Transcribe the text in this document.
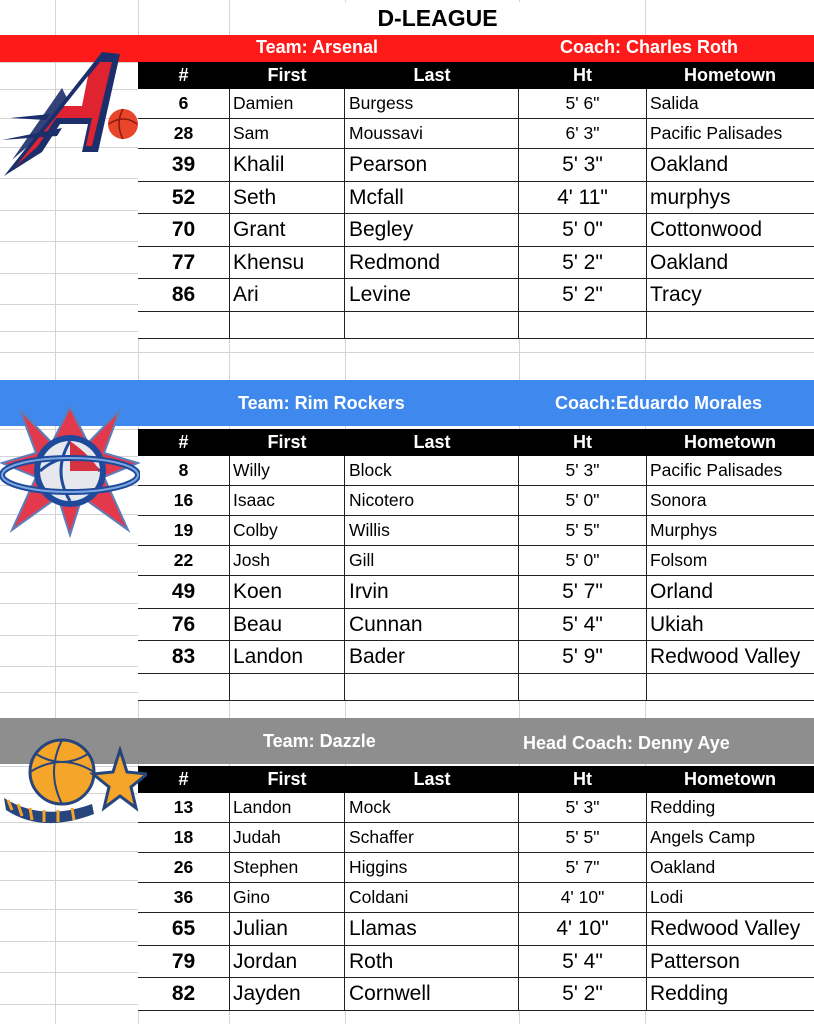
D-LEAGUE
Team: Arsenal	Coach: Charles Roth
#	First	Last	Ht	Hometown
6	Damien	Burgess	5' 6"	Salida
28	Sam	Moussavi	6' 3"	Pacific Palisades
39	Khalil	Pearson	5' 3"	Oakland
52	Seth	Mcfall	4' 11"	murphys
70	Grant	Begley	5' 0"	Cottonwood
77	Khensu	Redmond	5' 2"	Oakland
86	Ari	Levine	5' 2"	Tracy
Team: Rim Rockers	Coach:Eduardo Morales
#	First	Last	Ht	Hometown
8	Willy	Block	5' 3"	Pacific Palisades
16	Isaac	Nicotero	5' 0"	Sonora
19	Colby	Willis	5' 5"	Murphys
22	Josh	Gill	5' 0"	Folsom
49	Koen	Irvin	5' 7"	Orland
76	Beau	Cunnan	5' 4"	Ukiah
83	Landon	Bader	5' 9"	Redwood Valley
Team: Dazzle	Head Coach: Denny Aye
#	First	Last	Ht	Hometown
13	Landon	Mock	5' 3"	Redding
18	Judah	Schaffer	5' 5"	Angels Camp
26	Stephen	Higgins	5' 7"	Oakland
36	Gino	Coldani	4' 10"	Lodi
65	Julian	Llamas	4' 10"	Redwood Valley
79	Jordan	Roth	5' 4"	Patterson
82	Jayden	Cornwell	5' 2"	Redding
